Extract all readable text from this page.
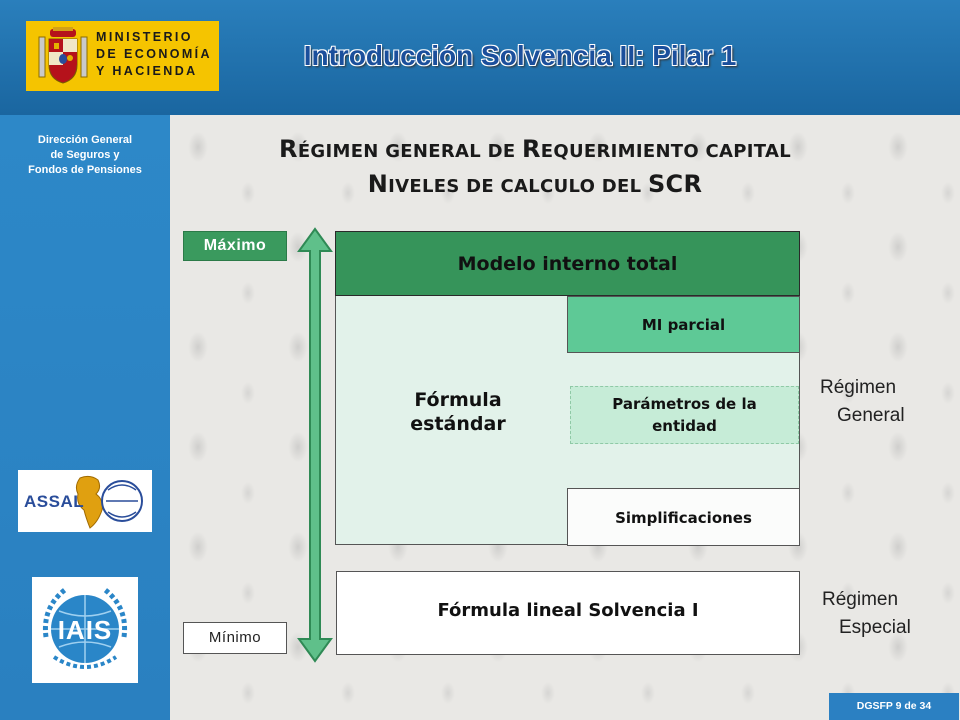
MINISTERIO
DE ECONOMÍA
Y HACIENDA	Introducción Solvencia II: Pilar 1
Dirección General
de Seguros y
Fondos de Pensiones
ASSAL
IAIS
RÉGIMEN GENERAL DE REQUERIMIENTO CAPITAL
NIVELES DE CALCULO DEL SCR
Máximo
Mínimo
Modelo interno total
MI parcial
Fórmula
estándar
Parámetros de la
entidad
Simplificaciones
Fórmula lineal Solvencia I
Régimen
General
Régimen
Especial
DGSFP 9 de 34
